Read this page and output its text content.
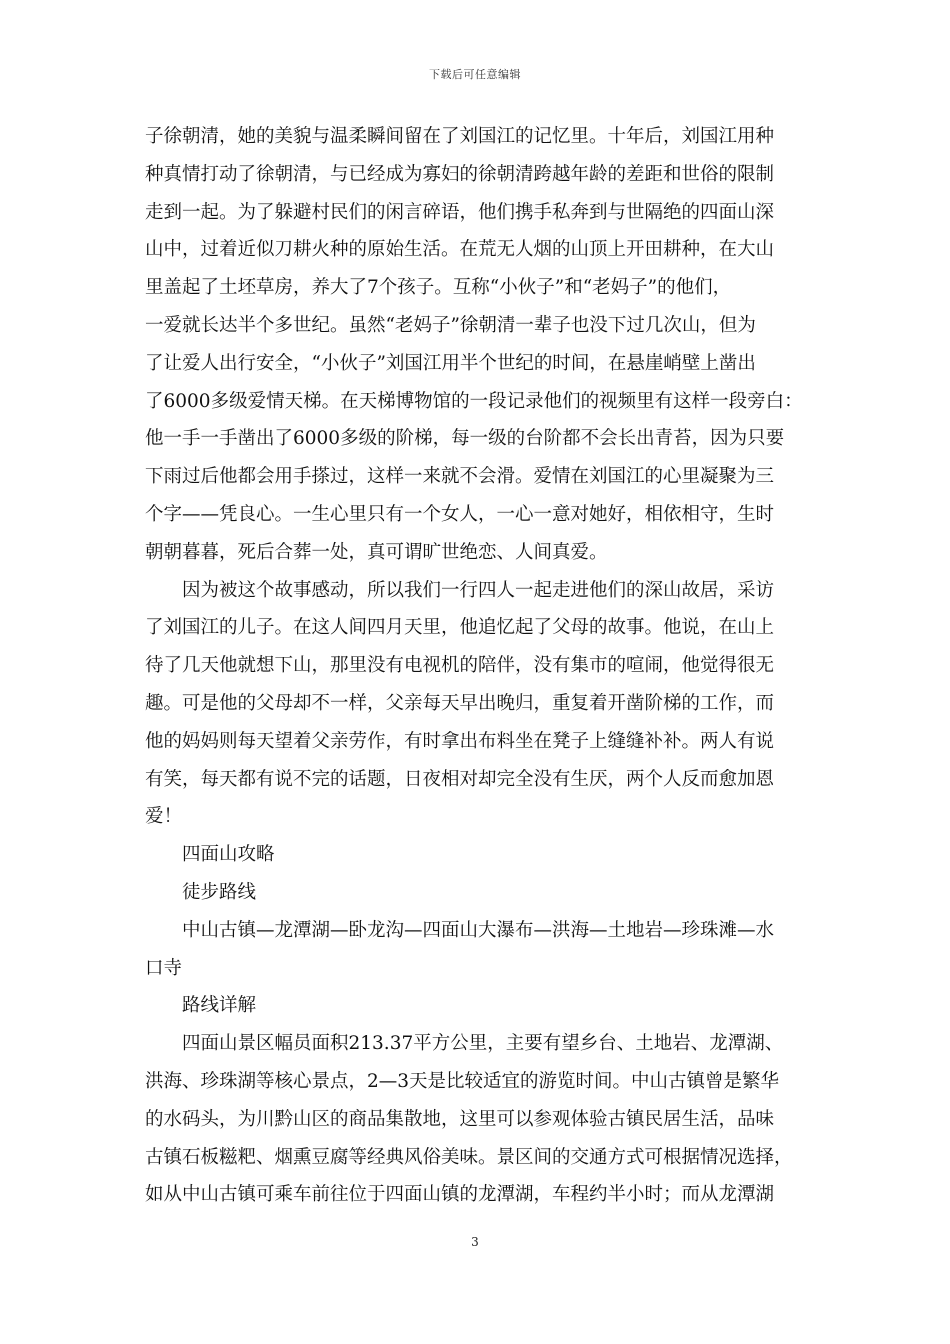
下载后可任意编辑
子徐朝清，她的美貌与温柔瞬间留在了刘国江的记忆里。十年后，刘国江用种
种真情打动了徐朝清，与已经成为寡妇的徐朝清跨越年龄的差距和世俗的限制
走到一起。为了躲避村民们的闲言碎语，他们携手私奔到与世隔绝的四面山深
山中，过着近似刀耕火种的原始生活。在荒无人烟的山顶上开田耕种，在大山
里盖起了土坯草房，养大了7个孩子。互称“小伙子”和“老妈子”的他们，
一爱就长达半个多世纪。虽然“老妈子”徐朝清一辈子也没下过几次山，但为
了让爱人出行安全，“小伙子”刘国江用半个世纪的时间，在悬崖峭壁上凿出
了6000多级爱情天梯。在天梯博物馆的一段记录他们的视频里有这样一段旁白：
他一手一手凿出了6000多级的阶梯，每一级的台阶都不会长出青苔，因为只要
下雨过后他都会用手搽过，这样一来就不会滑。爱情在刘国江的心里凝聚为三
个字——凭良心。一生心里只有一个女人，一心一意对她好，相依相守，生时
朝朝暮暮，死后合葬一处，真可谓旷世绝恋、人间真爱。
因为被这个故事感动，所以我们一行四人一起走进他们的深山故居，采访
了刘国江的儿子。在这人间四月天里，他追忆起了父母的故事。他说，在山上
待了几天他就想下山，那里没有电视机的陪伴，没有集市的喧闹，他觉得很无
趣。可是他的父母却不一样，父亲每天早出晚归，重复着开凿阶梯的工作，而
他的妈妈则每天望着父亲劳作，有时拿出布料坐在凳子上缝缝补补。两人有说
有笑，每天都有说不完的话题，日夜相对却完全没有生厌，两个人反而愈加恩
爱！
四面山攻略
徒步路线
中山古镇—龙潭湖—卧龙沟—四面山大瀑布—洪海—土地岩—珍珠滩—水
口寺
路线详解
四面山景区幅员面积213.37平方公里，主要有望乡台、土地岩、龙潭湖、
洪海、珍珠湖等核心景点，2—3天是比较适宜的游览时间。中山古镇曾是繁华
的水码头，为川黔山区的商品集散地，这里可以参观体验古镇民居生活，品味
古镇石板糍粑、烟熏豆腐等经典风俗美味。景区间的交通方式可根据情况选择，
如从中山古镇可乘车前往位于四面山镇的龙潭湖，车程约半小时；而从龙潭湖
3
